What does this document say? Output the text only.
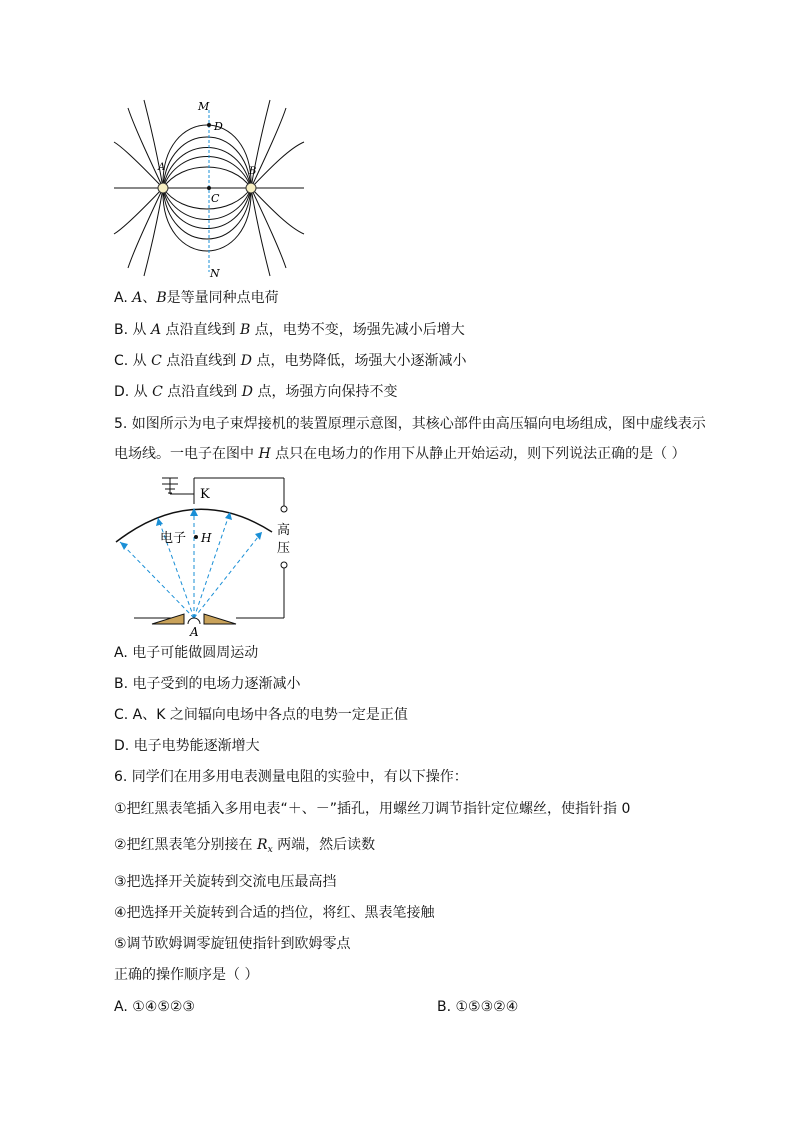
M
D
A	B
C
N
A. A、B是等量同种点电荷
B. 从 A 点沿直线到 B 点，电势不变，场强先减小后增大
C. 从 C 点沿直线到 D 点，电势降低，场强大小逐渐减小
D. 从 C 点沿直线到 D 点，场强方向保持不变
5. 如图所示为电子束焊接机的装置原理示意图，其核心部件由高压辐向电场组成，图中虚线表示
电场线。一电子在图中 H 点只在电场力的作用下从静止开始运动，则下列说法正确的是（ ）
K
电子 H	高
压
A
A. 电子可能做圆周运动
B. 电子受到的电场力逐渐减小
C. A、K 之间辐向电场中各点的电势一定是正值
D. 电子电势能逐渐增大
6. 同学们在用多用电表测量电阻的实验中，有以下操作：
①把红黑表笔插入多用电表“＋、－”插孔，用螺丝刀调节指针定位螺丝，使指针指 0
②把红黑表笔分别接在 $R_x$ 两端，然后读数
③把选择开关旋转到交流电压最高挡
④把选择开关旋转到合适的挡位，将红、黑表笔接触
⑤调节欧姆调零旋钮使指针到欧姆零点
正确的操作顺序是（ ）
A. ①④⑤②③	B. ①⑤③②④
